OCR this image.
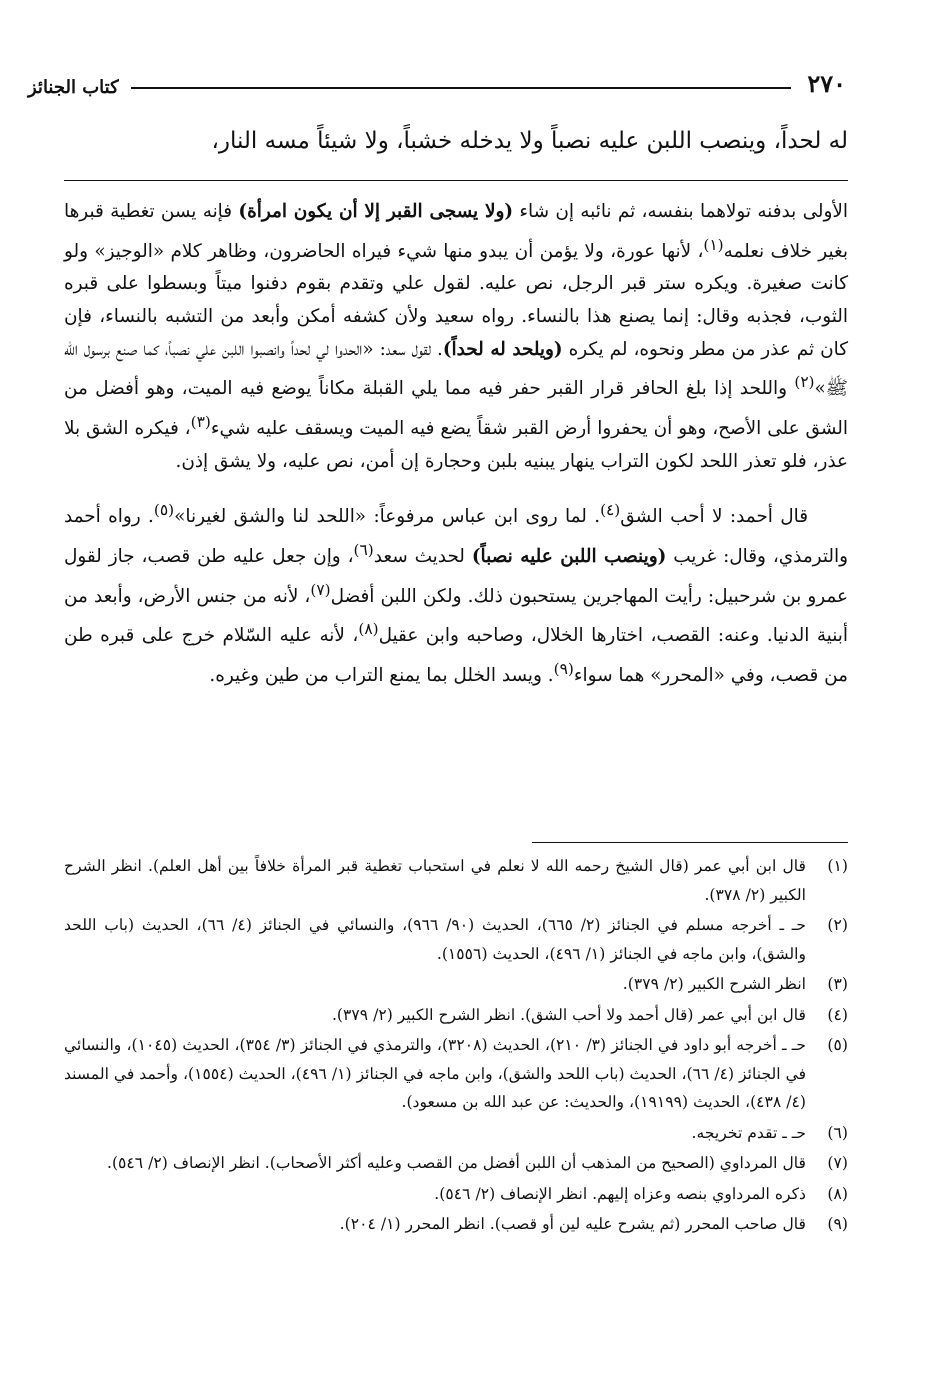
٢٧٠
كتاب الجنائز
له لحداً، وينصب اللبن عليه نصباً ولا يدخله خشباً، ولا شيئاً مسه النار،

الأولى بدفنه تولاهما بنفسه، ثم نائبه إن شاء (ولا يسجى القبر إلا أن يكون امرأة) فإنه يسن تغطية قبرها بغير خلاف نعلمه$^{(١)}$، لأنها عورة، ولا يؤمن أن يبدو منها شيء فيراه الحاضرون، وظاهر كلام «الوجيز» ولو كانت صغيرة. ويكره ستر قبر الرجل، نص عليه. لقول علي وتقدم بقوم دفنوا ميتاً وبسطوا على قبره الثوب، فجذبه وقال: إنما يصنع هذا بالنساء. رواه سعيد ولأن كشفه أمكن وأبعد من التشبه بالنساء، فإن كان ثم عذر من مطر ونحوه، لم يكره (ويلحد له لحداً). لقول سعد: «الحدوا لي لحداً وانصبوا اللبن علي نصباً، كما صنع برسول الله ﷺ»$^{(٢)}$ واللحد إذا بلغ الحافر قرار القبر حفر فيه مما يلي القبلة مكاناً يوضع فيه الميت، وهو أفضل من الشق على الأصح، وهو أن يحفروا أرض القبر شقاً يضع فيه الميت ويسقف عليه شيء$^{(٣)}$، فيكره الشق بلا عذر، فلو تعذر اللحد لكون التراب ينهار يبنيه بلبن وحجارة إن أمن، نص عليه، ولا يشق إذن.

قال أحمد: لا أحب الشق$^{(٤)}$. لما روى ابن عباس مرفوعاً: «اللحد لنا والشق لغيرنا»$^{(٥)}$. رواه أحمد والترمذي، وقال: غريب (وينصب اللبن عليه نصباً) لحديث سعد$^{(٦)}$، وإن جعل عليه طن قصب، جاز لقول عمرو بن شرحبيل: رأيت المهاجرين يستحبون ذلك. ولكن اللبن أفضل$^{(٧)}$، لأنه من جنس الأرض، وأبعد من أبنية الدنيا. وعنه: القصب، اختارها الخلال، وصاحبه وابن عقيل$^{(٨)}$، لأنه عليه السّلام خرج على قبره طن من قصب، وفي «المحرر» هما سواء$^{(٩)}$. ويسد الخلل بما يمنع التراب من طين وغيره.

(١)
قال ابن أبي عمر (قال الشيخ رحمه الله لا نعلم في استحباب تغطية قبر المرأة خلافاً بين أهل العلم). انظر الشرح الكبير (٢/ ٣٧٨).
(٢)
حـ ـ أخرجه مسلم في الجنائز (٢/ ٦٦٥)، الحديث (٩٠/ ٩٦٦)، والنسائي في الجنائز (٤/ ٦٦)، الحديث (باب اللحد والشق)، وابن ماجه في الجنائز (١/ ٤٩٦)، الحديث (١٥٥٦).
(٣)
انظر الشرح الكبير (٢/ ٣٧٩).
(٤)
قال ابن أبي عمر (قال أحمد ولا أحب الشق). انظر الشرح الكبير (٢/ ٣٧٩).
(٥)
حـ ـ أخرجه أبو داود في الجنائز (٣/ ٢١٠)، الحديث (٣٢٠٨)، والترمذي في الجنائز (٣/ ٣٥٤)، الحديث (١٠٤٥)، والنسائي في الجنائز (٤/ ٦٦)، الحديث (باب اللحد والشق)، وابن ماجه في الجنائز (١/ ٤٩٦)، الحديث (١٥٥٤)، وأحمد في المسند (٤/ ٤٣٨)، الحديث (١٩١٩٩)، والحديث: عن عبد الله بن مسعود).
(٦)
حـ ـ تقدم تخريجه.
(٧)
قال المرداوي (الصحيح من المذهب أن اللبن أفضل من القصب وعليه أكثر الأصحاب). انظر الإنصاف (٢/ ٥٤٦).
(٨)
ذكره المرداوي بنصه وعزاه إليهم. انظر الإنصاف (٢/ ٥٤٦).
(٩)
قال صاحب المحرر (ثم يشرح عليه لين أو قصب). انظر المحرر (١/ ٢٠٤).
